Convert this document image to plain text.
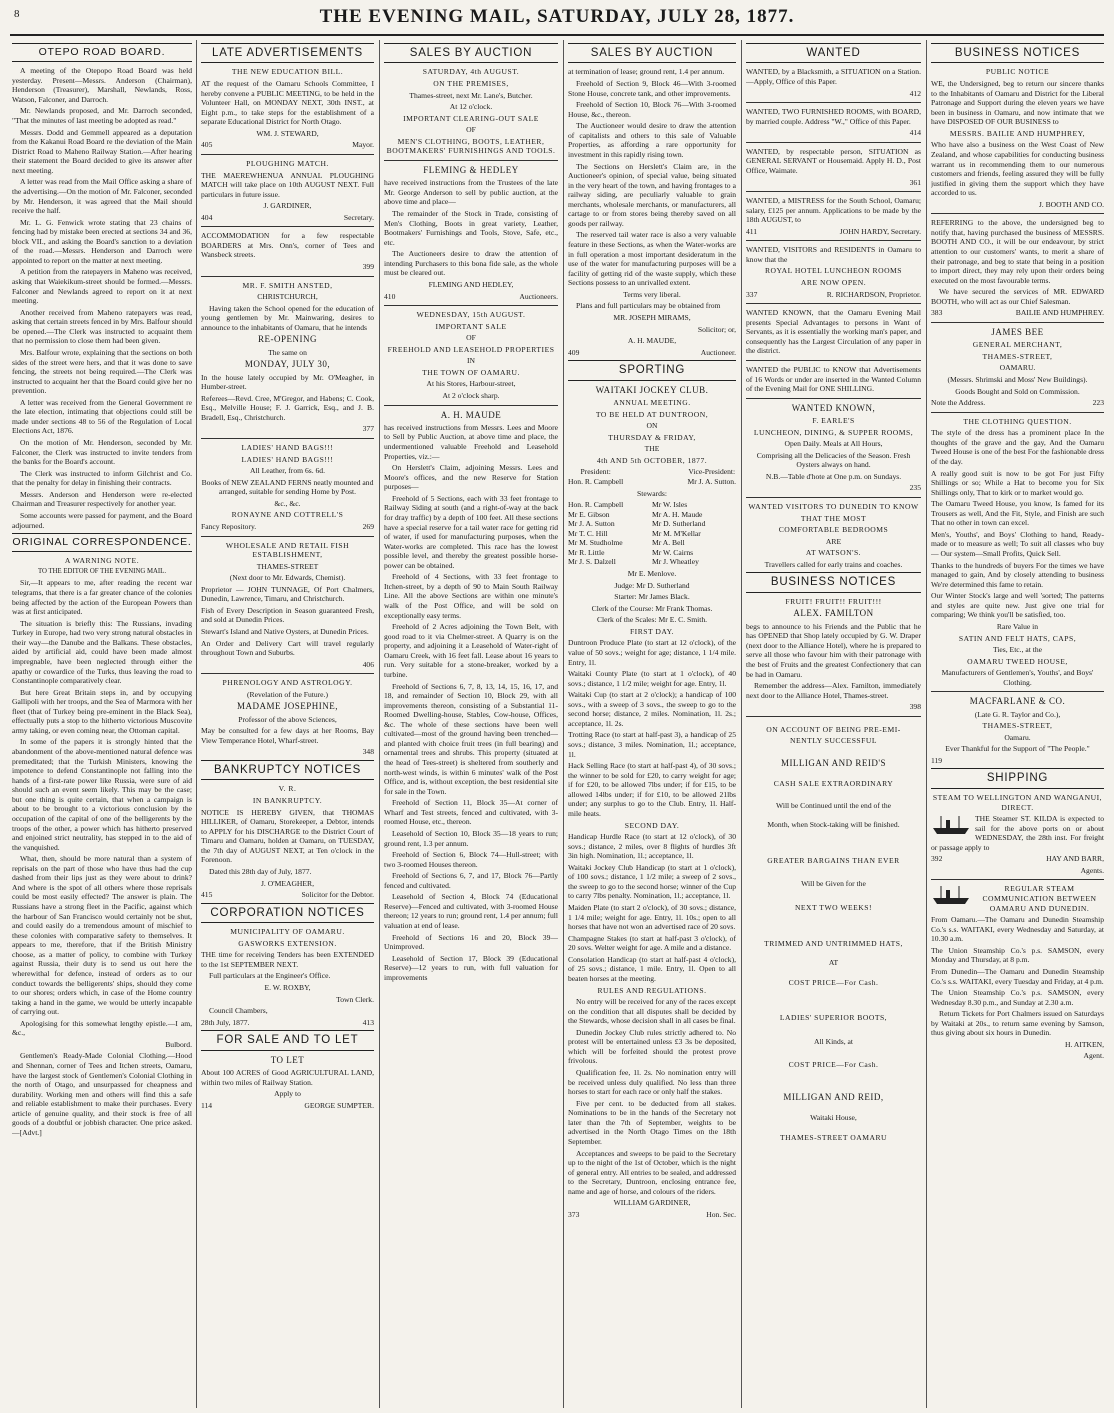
8	THE EVENING MAIL, SATURDAY, JULY 28, 1877.
OTEPO ROAD BOARD.

A meeting of the Otepopo Road Board was held yesterday. Present—Messrs. Anderson (Chairman), Henderson (Treasurer), Marshall, Newlands, Ross, Watson, Falconer, and Darroch.

Mr. Newlands proposed, and Mr. Darroch seconded, "That the minutes of last meeting be adopted as read."

Messrs. Dodd and Gemmell appeared as a deputation from the Kakanui Road Board re the deviation of the Main District Road to Maheno Railway Station.—After hearing their statement the Board decided to give its answer after next meeting.

A letter was read from the Mail Office asking a share of the advertising.—On the motion of Mr. Falconer, seconded by Mr. Henderson, it was agreed that the Mail should receive the half.

Mr. L. G. Fenwick wrote stating that 23 chains of fencing had by mistake been erected at sections 34 and 36, block VII., and asking the Board's sanction to a deviation of the road.—Messrs. Henderson and Darroch were appointed to report on the matter at next meeting.

A petition from the ratepayers in Maheno was received, asking that Waiekikum-street should be formed.—Messrs. Falconer and Newlands agreed to report on it at next meeting.

Another received from Maheno ratepayers was read, asking that certain streets fenced in by Mrs. Balfour should be opened.—The Clerk was instructed to acquaint them that no permission to close them had been given.

Mrs. Balfour wrote, explaining that the sections on both sides of the street were hers, and that it was done to save fencing, the streets not being required.—The Clerk was instructed to acquaint her that the Board could give her no prevention.

A letter was received from the General Government re the late election, intimating that objections could still be made under sections 48 to 56 of the Regulation of Local Elections Act, 1876.

On the motion of Mr. Henderson, seconded by Mr. Falconer, the Clerk was instructed to invite tenders from the banks for the Board's account.

The Clerk was instructed to inform Gilchrist and Co. that the penalty for delay in finishing their contracts.

Messrs. Anderson and Henderson were re-elected Chairman and Treasurer respectively for another year.

Some accounts were passed for payment, and the Board adjourned.

ORIGINAL CORRESPONDENCE.

A WARNING NOTE.

TO THE EDITOR OF THE EVENING MAIL.

Sir,—It appears to me, after reading the recent war telegrams, that there is a far greater chance of the colonies being affected by the action of the European Powers than was at first anticipated.

The situation is briefly this: The Russians, invading Turkey in Europe, had two very strong natural obstacles in their way—the Danube and the Balkans. These obstacles, aided by artificial aid, could have been made almost impregnable, have been neglected through either the apathy or cowardice of the Turks, thus leaving the road to Constantinople comparatively clear.

But here Great Britain steps in, and by occupying Gallipoli with her troops, and the Sea of Marmora with her fleet (that of Turkey being pre-eminent in the Black Sea), effectually puts a stop to the hitherto victorious Muscovite army taking, or even coming near, the Ottoman capital.

In some of the papers it is strongly hinted that the abandonment of the above-mentioned natural defence was premeditated; that the Turkish Ministers, knowing the impotence to defend Constantinople not falling into the hands of a first-rate power like Russia, were sure of aid should such an event seem likely. This may be the case; but one thing is quite certain, that when a campaign is about to be brought to a victorious conclusion by the occupation of the capital of one of the belligerents by the troops of the other, a power which has hitherto preserved and enjoined strict neutrality, has stepped in to the aid of the vanquished.

What, then, should be more natural than a system of reprisals on the part of those who have thus had the cup dashed from their lips just as they were about to drink? And where is the spot of all others where those reprisals could be most easily effected? The answer is plain. The Russians have a strong fleet in the Pacific, against which the harbour of San Francisco would certainly not be shut, and could easily do a tremendous amount of mischief to these colonies with comparative safety to themselves. It appears to me, therefore, that if the British Ministry choose, as a matter of policy, to combine with Turkey against Russia, their duty is to send us out here the wherewithal for defence, instead of orders as to our conduct towards the belligerents' ships, should they come to our shores; orders which, in case of the Home country taking a hand in the game, we would be utterly incapable of carrying out.

Apologising for this somewhat lengthy epistle.—I am, &c.,

Bulbord.

Gentlemen's Ready-Made Colonial Clothing.—Hood and Shennan, corner of Tees and Itchen streets, Oamaru, have the largest stock of Gentlemen's Colonial Clothing in the north of Otago, and unsurpassed for cheapness and durability. Working men and others will find this a safe and reliable establishment to make their purchases. Every article of genuine quality, and their stock is free of all goods of a doubtful or jobbish character. One price asked.—[Advt.]

LATE ADVERTISEMENTS

THE NEW EDUCATION BILL.

AT the request of the Oamaru Schools Committee, I hereby convene a PUBLIC MEETING, to be held in the Volunteer Hall, on MONDAY NEXT, 30th INST., at Eight p.m., to take steps for the establishment of a separate Educational District for North Otago.

WM. J. STEWARD,

405	Mayor.

PLOUGHING MATCH.

THE MAEREWHENUA ANNUAL PLOUGHING MATCH will take place on 10th AUGUST NEXT. Full particulars in future issue.

J. GARDINER,

404	Secretary.

ACCOMMODATION for a few respectable BOARDERS at Mrs. Onn's, corner of Tees and Wansbeck streets.

399

MR. F. SMITH ANSTED,

CHRISTCHURCH,

Having taken the School opened for the education of young gentlemen by Mr. Mainwaring, desires to announce to the inhabitants of Oamaru, that he intends

RE-OPENING

The same on

MONDAY, JULY 30,

In the house lately occupied by Mr. O'Meagher, in Humber-street.

Referees—Revd. Cree, M'Gregor, and Habens; C. Cook, Esq., Melville House; F. J. Garrick, Esq., and J. B. Bradell, Esq., Christchurch.

377

LADIES' HAND BAGS!!!

LADIES' HAND BAGS!!!

All Leather, from 6s. 6d.

Books of NEW ZEALAND FERNS neatly mounted and arranged, suitable for sending Home by Post.

&c., &c.

RONAYNE AND COTTRELL'S

Fancy Repository.	269

WHOLESALE AND RETAIL FISH ESTABLISHMENT,

THAMES-STREET

(Next door to Mr. Edwards, Chemist).

Proprietor — JOHN TUNNAGE, Of Port Chalmers, Dunedin, Lawrence, Timaru, and Christchurch.

Fish of Every Description in Season guaranteed Fresh, and sold at Dunedin Prices.

Stewart's Island and Native Oysters, at Dunedin Prices.

An Order and Delivery Cart will travel regularly throughout Town and Suburbs.

406

PHRENOLOGY AND ASTROLOGY.

(Revelation of the Future.)

MADAME JOSEPHINE,

Professor of the above Sciences,

May be consulted for a few days at her Rooms, Bay View Temperance Hotel, Wharf-street.

348
BANKRUPTCY NOTICES

V. R.

IN BANKRUPTCY.

NOTICE IS HEREBY GIVEN, that THOMAS HILLIKER, of Oamaru, Storekeeper, a Debtor, intends to APPLY for his DISCHARGE to the District Court of Timaru and Oamaru, holden at Oamaru, on TUESDAY, the 7th day of AUGUST NEXT, at Ten o'clock in the Forenoon.

Dated this 28th day of July, 1877.

J. O'MEAGHER,

415	Solicitor for the Debtor.
CORPORATION NOTICES

MUNICIPALITY OF OAMARU.

GASWORKS EXTENSION.

THE time for receiving Tenders has been EXTENDED to the 1st SEPTEMBER NEXT.

Full particulars at the Engineer's Office.

E. W. ROXBY,

Town Clerk.

Council Chambers,

28th July, 1877.	413
FOR SALE AND TO LET

TO LET

About 100 ACRES of Good AGRICULTURAL LAND, within two miles of Railway Station.

Apply to

114	GEORGE SUMPTER.
SALES BY AUCTION

SATURDAY, 4th AUGUST.

ON THE PREMISES,

Thames-street, next Mr. Lane's, Butcher.

At 12 o'clock.

IMPORTANT CLEARING-OUT SALE

OF

MEN'S CLOTHING, BOOTS, LEATHER, BOOTMAKERS' FURNISHINGS AND TOOLS.

FLEMING & HEDLEY

have received instructions from the Trustees of the late Mr. George Anderson to sell by public auction, at the above time and place—

The remainder of the Stock in Trade, consisting of Men's Clothing, Boots in great variety, Leather, Bootmakers' Furnishings and Tools, Stove, Safe, etc., etc.

The Auctioneers desire to draw the attention of intending Purchasers to this bona fide sale, as the whole must be cleared out.

FLEMING AND HEDLEY,

410	Auctioneers.

WEDNESDAY, 15th AUGUST.

IMPORTANT SALE

OF

FREEHOLD AND LEASEHOLD PROPERTIES

IN

THE TOWN OF OAMARU.

At his Stores, Harbour-street,

At 2 o'clock sharp.

A. H. MAUDE

has received instructions from Messrs. Lees and Moore to Sell by Public Auction, at above time and place, the undermentioned valuable Freehold and Leasehold Properties, viz.:—

On Herslett's Claim, adjoining Messrs. Lees and Moore's offices, and the new Reserve for Station purposes—

Freehold of 5 Sections, each with 33 feet frontage to Railway Siding at south (and a right-of-way at the back for dray traffic) by a depth of 100 feet. All these sections have a special reserve for a tail water race for getting rid of water, if used for manufacturing purposes, when the Water-works are completed. This race has the lowest possible level, and thereby the greatest possible horse-power can be obtained.

Freehold of 4 Sections, with 33 feet frontage to Itchen-street, by a depth of 90 to Main South Railway Line. All the above Sections are within one minute's walk of the Post Office, and will be sold on exceptionally easy terms.

Freehold of 2 Acres adjoining the Town Belt, with good road to it via Chelmer-street. A Quarry is on the property, and adjoining it a Leasehold of Water-right of Oamaru Creek, with 16 feet fall. Lease about 16 years to run. Very suitable for a stone-breaker, worked by a turbine.

Freehold of Sections 6, 7, 8, 13, 14, 15, 16, 17, and 18, and remainder of Section 10, Block 29, with all improvements thereon, consisting of a Substantial 11-Roomed Dwelling-house, Stables, Cow-house, Offices, &c. The whole of these sections have been well cultivated—most of the ground having been trenched—and planted with choice fruit trees (in full bearing) and ornamental trees and shrubs. This property (situated at the head of Tees-street) is sheltered from southerly and north-west winds, is within 6 minutes' walk of the Post Office, and is, without exception, the best residential site for sale in the Town.

Freehold of Section 11, Block 35—At corner of Wharf and Test streets, fenced and cultivated, with 3-roomed House, etc., thereon.

Leasehold of Section 10, Block 35—18 years to run; ground rent, 1.3 per annum.

Freehold of Section 6, Block 74—Hull-street; with two 3-roomed Houses thereon.

Freehold of Sections 6, 7, and 17, Block 76—Partly fenced and cultivated.

Leasehold of Section 4, Block 74 (Educational Reserve)—Fenced and cultivated, with 3-roomed House thereon; 12 years to run; ground rent, 1.4 per annum; full valuation at end of lease.

Freehold of Sections 16 and 20, Block 39—Unimproved.

Leasehold of Section 17, Block 39 (Educational Reserve)—12 years to run, with full valuation for improvements

SALES BY AUCTION

at termination of lease; ground rent, 1.4 per annum.

Freehold of Section 9, Block 46—With 3-roomed Stone House, concrete tank, and other improvements.

Freehold of Section 10, Block 76—With 3-roomed House, &c., thereon.

The Auctioneer would desire to draw the attention of capitalists and others to this sale of Valuable Properties, as affording a rare opportunity for investment in this rapidly rising town.

The Sections on Herslett's Claim are, in the Auctioneer's opinion, of special value, being situated in the very heart of the town, and having frontages to a railway siding, are peculiarly valuable to grain merchants, wholesale merchants, or manufacturers, all cartage to or from stores being thereby saved on all goods per railway.

The reserved tail water race is also a very valuable feature in these Sections, as when the Water-works are in full operation a most important desideratum in the use of the water for manufacturing purposes will be a facility of getting rid of the waste supply, which these Sections possess to an unrivalled extent.

Terms very liberal.

Plans and full particulars may be obtained from

MR. JOSEPH MIRAMS,

Solicitor; or,

A. H. MAUDE,

409	Auctioneer.
SPORTING

WAITAKI JOCKEY CLUB.

ANNUAL MEETING.

TO BE HELD AT DUNTROON,

ON

THURSDAY & FRIDAY,

THE

4th AND 5th OCTOBER, 1877.

President:
Hon. R. Campbell
Vice-President:
Mr J. A. Sutton.

Stewards:

Hon. R. Campbell
Mr E. Gibson
Mr J. A. Sutton
Mr T. C. Hill
Mr M. Studholme
Mr R. Little
Mr J. S. Dalzell
Mr W. Isles
Mr A. H. Maude
Mr D. Sutherland
Mr M. M'Kellar
Mr A. Bell
Mr W. Cairns
Mr J. Wheatley

Mr E. Menlove.

Judge: Mr D. Sutherland

Starter: Mr James Black.

Clerk of the Course: Mr Frank Thomas.

Clerk of the Scales: Mr E. C. Smith.

FIRST DAY.

Duntroon Produce Plate (to start at 12 o'clock), of the value of 50 sovs.; weight for age; distance, 1 1/4 mile. Entry, 1l.

Waitaki County Plate (to start at 1 o'clock), of 40 sovs.; distance, 1 1/2 mile; weight for age. Entry, 1l.

Waitaki Cup (to start at 2 o'clock); a handicap of 100 sovs., with a sweep of 3 sovs., the sweep to go to the second horse; distance, 2 miles. Nomination, 1l. 2s.; acceptance, 1l. 2s.

Trotting Race (to start at half-past 3), a handicap of 25 sovs.; distance, 3 miles. Nomination, 1l.; acceptance, 1l.

Hack Selling Race (to start at half-past 4), of 30 sovs.; the winner to be sold for £20, to carry weight for age; if for £20, to be allowed 7lbs under; if for £15, to be allowed 14lbs under; if for £10, to be allowed 21lbs under; any surplus to go to the Club. Entry, 1l. Half-mile heats.

SECOND DAY.

Handicap Hurdle Race (to start at 12 o'clock), of 30 sovs.; distance, 2 miles, over 8 flights of hurdles 3ft 3in high. Nomination, 1l.; acceptance, 1l.

Waitaki Jockey Club Handicap (to start at 1 o'clock), of 100 sovs.; distance, 1 1/2 mile; a sweep of 2 sovs., the sweep to go to the second horse; winner of the Cup to carry 7lbs penalty. Nomination, 1l.; acceptance, 1l.

Maiden Plate (to start 2 o'clock), of 30 sovs.; distance, 1 1/4 mile; weight for age. Entry, 1l. 10s.; open to all horses that have not won an advertised race of 20 sovs.

Champagne Stakes (to start at half-past 3 o'clock), of 20 sovs. Welter weight for age. A mile and a distance.

Consolation Handicap (to start at half-past 4 o'clock), of 25 sovs.; distance, 1 mile. Entry, 1l. Open to all beaten horses at the meeting.

RULES AND REGULATIONS.

No entry will be received for any of the races except on the condition that all disputes shall be decided by the Stewards, whose decision shall in all cases be final.

Dunedin Jockey Club rules strictly adhered to. No protest will be entertained unless £3 3s be deposited, which will be forfeited should the protest prove frivolous.

Qualification fee, 1l. 2s. No nomination entry will be received unless duly qualified. No less than three horses to start for each race or only half the stakes.

Five per cent. to be deducted from all stakes. Nominations to be in the hands of the Secretary not later than the 7th of September, weights to be advertised in the North Otago Times on the 18th September.

Acceptances and sweeps to be paid to the Secretary up to the night of the 1st of October, which is the night of general entry. All entries to be sealed, and addressed to the Secretary, Duntroon, enclosing entrance fee, name and age of horse, and colours of the riders.

WILLIAM GARDINER,

373	Hon. Sec.
WANTED

WANTED, by a Blacksmith, a SITUATION on a Station.—Apply, Office of this Paper.

412

WANTED, TWO FURNISHED ROOMS, with BOARD, by married couple. Address "W.," Office of this Paper.

414

WANTED, by respectable person, SITUATION as GENERAL SERVANT or Housemaid. Apply H. D., Post Office, Waimate.

361

WANTED, a MISTRESS for the South School, Oamaru; salary, £125 per annum. Applications to be made by the 18th AUGUST, to

411	JOHN HARDY, Secretary.

WANTED, VISITORS and RESIDENTS in Oamaru to know that the

ROYAL HOTEL LUNCHEON ROOMS

ARE NOW OPEN.

337	R. RICHARDSON, Proprietor.

WANTED KNOWN, that the Oamaru Evening Mail presents Special Advantages to persons in Want of Servants, as it is essentially the working man's paper, and consequently has the Largest Circulation of any paper in the district.

WANTED the PUBLIC to KNOW that Advertisements of 16 Words or under are inserted in the Wanted Column of the Evening Mail for ONE SHILLING.

WANTED KNOWN,

F. EARLE'S

LUNCHEON, DINING, & SUPPER ROOMS,

Open Daily. Meals at All Hours,

Comprising all the Delicacies of the Season. Fresh Oysters always on hand.

N.B.—Table d'hote at One p.m. on Sundays.

235

WANTED VISITORS TO DUNEDIN TO KNOW

THAT THE MOST

COMFORTABLE BEDROOMS

ARE

AT WATSON'S.

Travellers called for early trains and coaches.

BUSINESS NOTICES

FRUIT! FRUIT!! FRUIT!!!

ALEX. FAMILTON

begs to announce to his Friends and the Public that he has OPENED that Shop lately occupied by G. W. Draper (next door to the Alliance Hotel), where he is prepared to serve all those who favour him with their patronage with the best of Fruits and the greatest Confectionery that can be had in Oamaru.

Remember the address—Alex. Familton, immediately next door to the Alliance Hotel, Thames-street.

398

ON ACCOUNT OF BEING PRE-EMI-

NENTLY SUCCESSFUL

MILLIGAN AND REID'S

CASH SALE EXTRAORDINARY

Will be Continued until the end of the

Month, when Stock-taking will be finished.

GREATER BARGAINS THAN EVER

Will be Given for the

NEXT TWO WEEKS!

TRIMMED AND UNTRIMMED HATS,

AT

COST PRICE—For Cash.

LADIES' SUPERIOR BOOTS,

All Kinds, at

COST PRICE—For Cash.

MILLIGAN AND REID,

Waitaki House,

THAMES-STREET OAMARU

BUSINESS NOTICES

PUBLIC NOTICE

WE, the Undersigned, beg to return our sincere thanks to the Inhabitants of Oamaru and District for the Liberal Patronage and Support during the eleven years we have been in business in Oamaru, and now intimate that we have DISPOSED OF OUR BUSINESS to

MESSRS. BAILIE AND HUMPHREY,

Who have also a business on the West Coast of New Zealand, and whose capabilities for conducting business warrant us in recommending them to our numerous customers and friends, feeling assured they will be fully justified in giving them the support which they have accorded to us.

J. BOOTH AND CO.

REFERRING to the above, the undersigned beg to notify that, having purchased the business of MESSRS. BOOTH AND CO., it will be our endeavour, by strict attention to our customers' wants, to merit a share of their patronage, and beg to state that being in a position to import direct, they may rely upon their orders being executed on the most favourable terms.

We have secured the services of MR. EDWARD BOOTH, who will act as our Chief Salesman.

383	BAILIE AND HUMPHREY.

JAMES BEE

GENERAL MERCHANT,

THAMES-STREET,

OAMARU.

(Messrs. Shrimski and Moss' New Buildings).

Goods Bought and Sold on Commission.

Note the Address.	223

THE CLOTHING QUESTION.

The style of the dress has a prominent place In the thoughts of the grave and the gay, And the Oamaru Tweed House is one of the best For the fashionable dress of the day.

A really good suit is now to be got For just Fifty Shillings or so; While a Hat to become you for Six Shillings only, That to kirk or to market would go.

The Oamaru Tweed House, you know, Is famed for its Trousers as well, And the Fit, Style, and Finish are such That no other in town can excel.

Men's, Youths', and Boys' Clothing to hand, Ready-made or to measure as well; To suit all classes who buy— Our system—Small Profits, Quick Sell.

Thanks to the hundreds of buyers For the times we have managed to gain, And by closely attending to business We're determined this fame to retain.

Our Winter Stock's large and well 'sorted; The patterns and styles are quite new. Just give one trial for comparing; We think you'll be satisfied, too.

Rare Value in

SATIN AND FELT HATS, CAPS,

Ties, Etc., at the

OAMARU TWEED HOUSE,

Manufacturers of Gentlemen's, Youths', and Boys' Clothing.

MACFARLANE & CO.

(Late G. R. Taylor and Co.),

THAMES-STREET,

Oamaru.

Ever Thankful for the Support of "The People."

119
SHIPPING

STEAM TO WELLINGTON AND WANGANUI, DIRECT.

THE Steamer ST. KILDA is expected to sail for the above ports on or about WEDNESDAY, the 28th inst. For freight or passage apply to

392	HAY AND BARR,
Agents.

REGULAR STEAM COMMUNICATION BETWEEN OAMARU AND DUNEDIN.

From Oamaru.—The Oamaru and Dunedin Steamship Co.'s s.s. WAITAKI, every Wednesday and Saturday, at 10.30 a.m.

The Union Steamship Co.'s p.s. SAMSON, every Monday and Thursday, at 8 p.m.

From Dunedin—The Oamaru and Dunedin Steamship Co.'s s.s. WAITAKI, every Tuesday and Friday, at 4 p.m.

The Union Steamship Co.'s p.s. SAMSON, every Wednesday 8.30 p.m., and Sunday at 2.30 a.m.

Return Tickets for Port Chalmers issued on Saturdays by Waitaki at 20s., to return same evening by Samson, thus giving about six hours in Dunedin.

H. AITKEN,
Agent.
